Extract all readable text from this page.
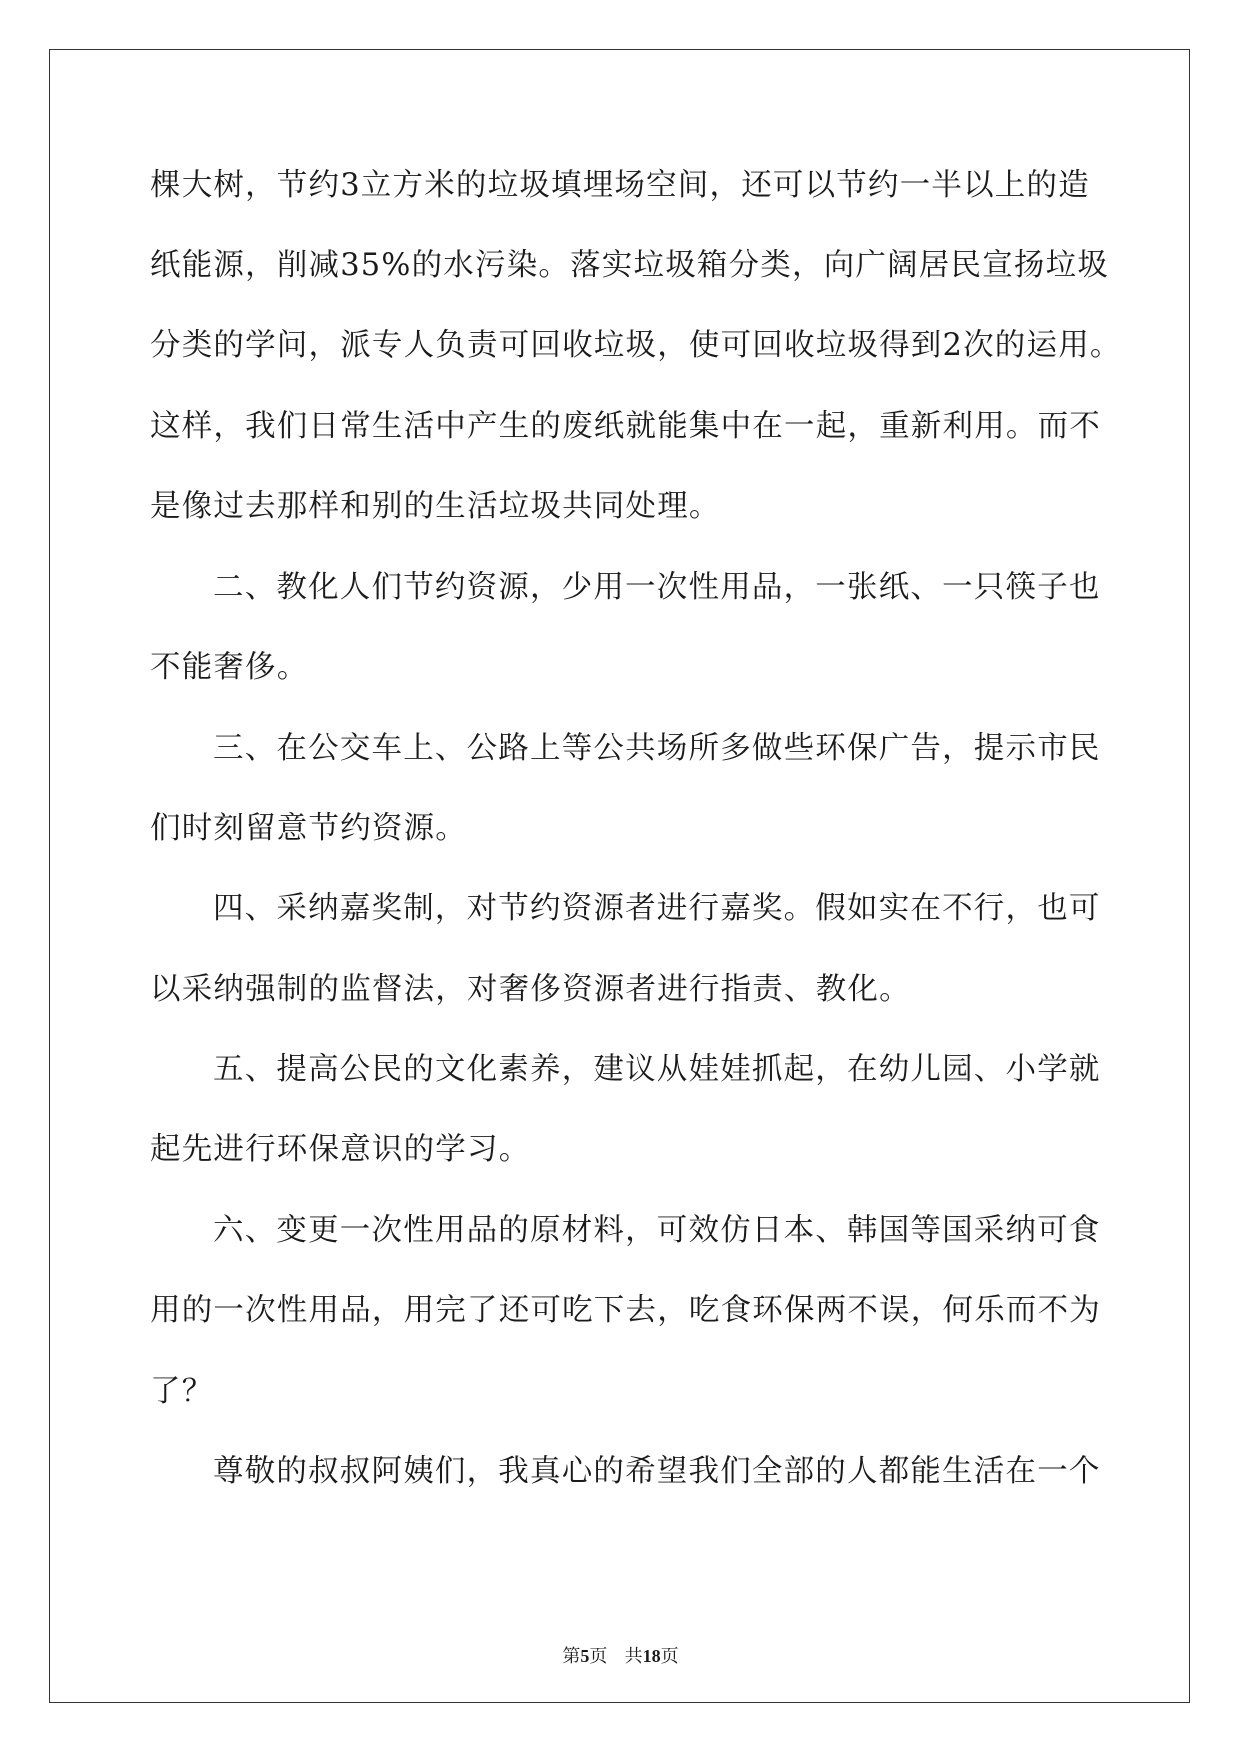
棵大树，节约3立方米的垃圾填埋场空间，还可以节约一半以上的造
纸能源，削减35%的水污染。落实垃圾箱分类，向广阔居民宣扬垃圾
分类的学问，派专人负责可回收垃圾，使可回收垃圾得到2次的运用。
这样，我们日常生活中产生的废纸就能集中在一起，重新利用。而不
是像过去那样和别的生活垃圾共同处理。
二、教化人们节约资源，少用一次性用品，一张纸、一只筷子也
不能奢侈。
三、在公交车上、公路上等公共场所多做些环保广告，提示市民
们时刻留意节约资源。
四、采纳嘉奖制，对节约资源者进行嘉奖。假如实在不行，也可
以采纳强制的监督法，对奢侈资源者进行指责、教化。
五、提高公民的文化素养，建议从娃娃抓起，在幼儿园、小学就
起先进行环保意识的学习。
六、变更一次性用品的原材料，可效仿日本、韩国等国采纳可食
用的一次性用品，用完了还可吃下去，吃食环保两不误，何乐而不为
了？
尊敬的叔叔阿姨们，我真心的希望我们全部的人都能生活在一个
第5页 共18页
